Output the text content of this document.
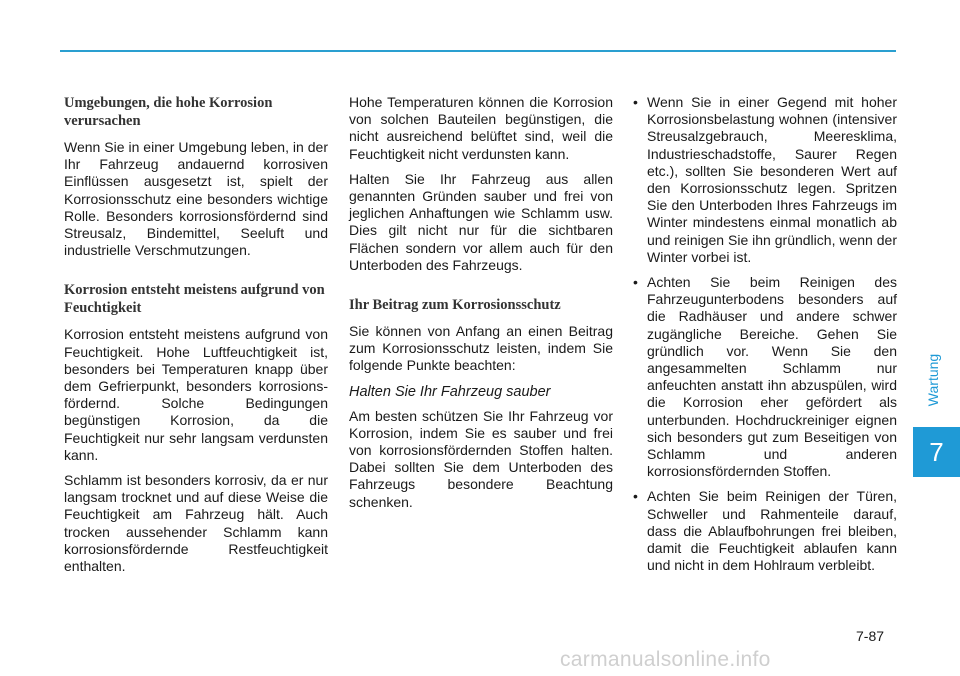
Umgebungen, die hohe Korrosion verursachen
Wenn Sie in einer Umgebung leben, in der Ihr Fahrzeug andauernd korrosiven Einflüssen ausgesetzt ist, spielt der Korrosionsschutz eine besonders wichtige Rolle. Besonders korrosionsfördernd sind Streusalz, Bindemittel, Seeluft und industrielle Verschmutzungen.
Korrosion entsteht meistens aufgrund von Feuchtigkeit
Korrosion entsteht meistens aufgrund von Feuchtigkeit. Hohe Luftfeuchtigkeit ist, besonders bei Temperaturen knapp über dem Gefrierpunkt, besonders korrosionsfördernd. Solche Bedingungen begünstigen Korrosion, da die Feuchtigkeit nur sehr langsam verdunsten kann.
Schlamm ist besonders korrosiv, da er nur langsam trocknet und auf diese Weise die Feuchtigkeit am Fahrzeug hält. Auch trocken aussehender Schlamm kann korrosionsfördernde Restfeuchtigkeit enthalten.
Hohe Temperaturen können die Korrosion von solchen Bauteilen begünstigen, die nicht ausreichend belüftet sind, weil die Feuchtigkeit nicht verdunsten kann.
Halten Sie Ihr Fahrzeug aus allen genannten Gründen sauber und frei von jeglichen Anhaftungen wie Schlamm usw. Dies gilt nicht nur für die sichtbaren Flächen sondern vor allem auch für den Unterboden des Fahrzeugs.
Ihr Beitrag zum Korrosionsschutz
Sie können von Anfang an einen Beitrag zum Korrosionsschutz leisten, indem Sie folgende Punkte beachten:
Halten Sie Ihr Fahrzeug sauber
Am besten schützen Sie Ihr Fahrzeug vor Korrosion, indem Sie es sauber und frei von korrosionsfördernden Stoffen halten. Dabei sollten Sie dem Unterboden des Fahrzeugs besondere Beachtung schenken.
• Wenn Sie in einer Gegend mit hoher Korrosionsbelastung wohnen (intensiver Streusalzgebrauch, Meeresklima, Industrieschadstoffe, Saurer Regen etc.), sollten Sie besonderen Wert auf den Korrosionsschutz legen. Spritzen Sie den Unterboden Ihres Fahrzeugs im Winter mindestens einmal monatlich ab und reinigen Sie ihn gründlich, wenn der Winter vorbei ist.
• Achten Sie beim Reinigen des Fahrzeugunterbodens besonders auf die Radhäuser und andere schwer zugängliche Bereiche. Gehen Sie gründlich vor. Wenn Sie den angesammelten Schlamm nur anfeuchten anstatt ihn abzuspülen, wird die Korrosion eher gefördert als unterbunden. Hochdruckreiniger eignen sich besonders gut zum Beseitigen von Schlamm und anderen korrosionsfördernden Stoffen.
• Achten Sie beim Reinigen der Türen, Schweller und Rahmenteile darauf, dass die Ablaufbohrungen frei bleiben, damit die Feuchtigkeit ablaufen kann und nicht in dem Hohlraum verbleibt.
Wartung
7
7-87
carmanualsonline.info
